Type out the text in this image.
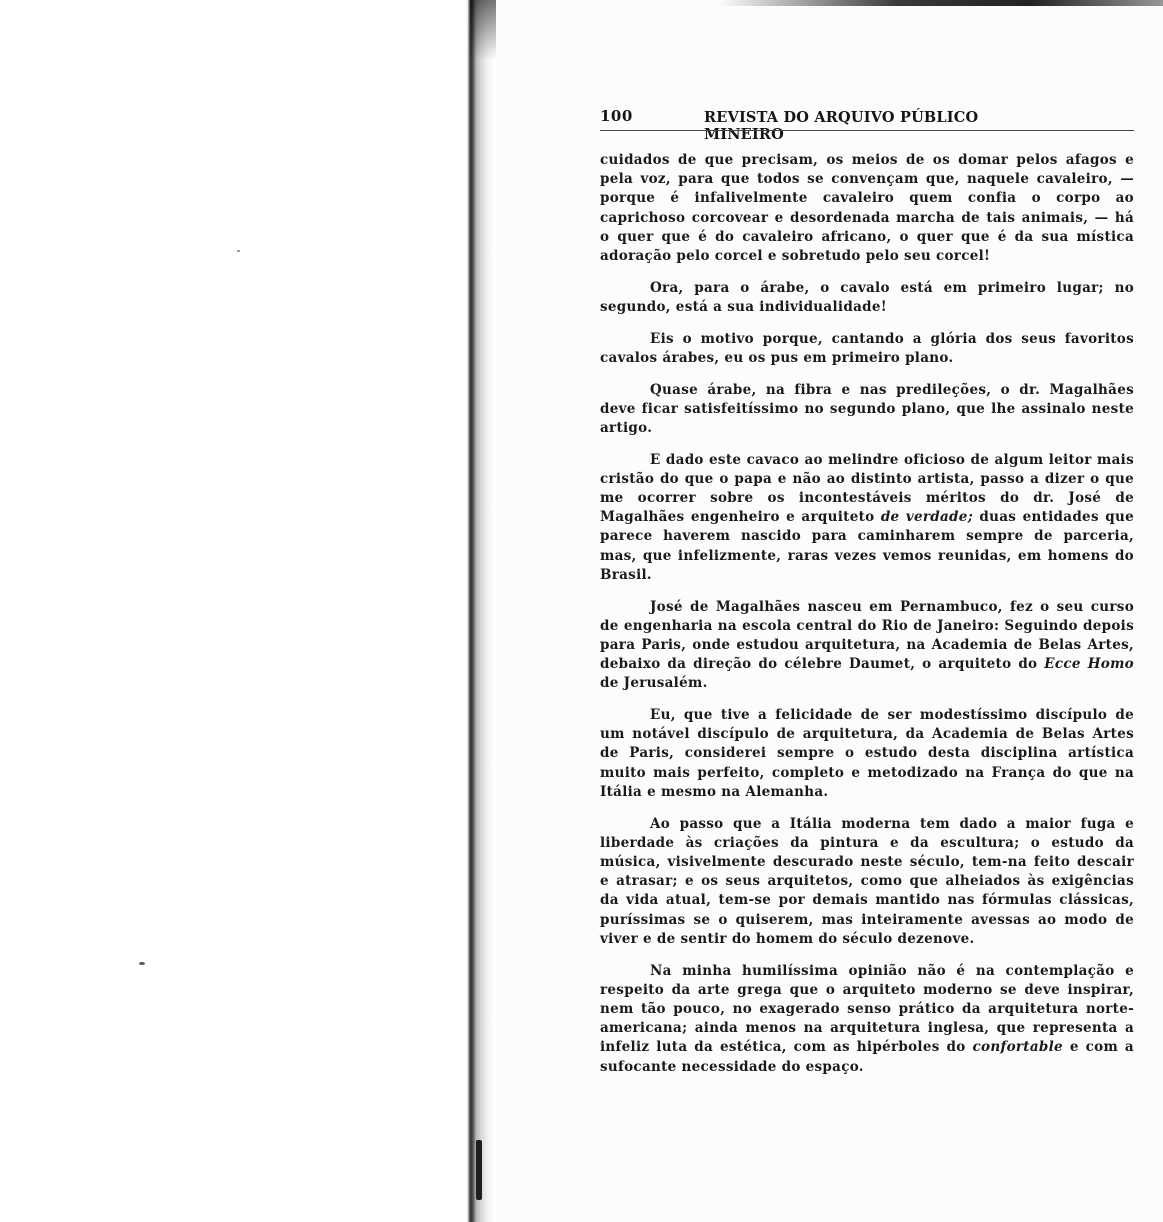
100	REVISTA DO ARQUIVO PÚBLICO MINEIRO

cuidados de que precisam, os meios de os domar pelos afagos e pela voz, para que todos se convençam que, naquele cavaleiro, — porque é infalivelmente cavaleiro quem confia o corpo ao caprichoso corcovear e desordenada marcha de tais animais, — há o quer que é do cavaleiro africano, o quer que é da sua mística adoração pelo corcel e sobretudo pelo seu corcel!

Ora, para o árabe, o cavalo está em primeiro lugar; no segundo, está a sua individualidade!

Eis o motivo porque, cantando a glória dos seus favoritos cavalos árabes, eu os pus em primeiro plano.

Quase árabe, na fibra e nas predileções, o dr. Magalhães deve ficar satisfeitíssimo no segundo plano, que lhe assinalo neste artigo.

E dado este cavaco ao melindre oficioso de algum leitor mais cristão do que o papa e não ao distinto artista, passo a dizer o que me ocorrer sobre os incontestáveis méritos do dr. José de Magalhães engenheiro e arquiteto de verdade; duas entidades que parece haverem nascido para caminharem sempre de parceria, mas, que infelizmente, raras vezes vemos reunidas, em homens do Brasil.

José de Magalhães nasceu em Pernambuco, fez o seu curso de engenharia na escola central do Rio de Janeiro: Seguindo depois para Paris, onde estudou arquitetura, na Academia de Belas Artes, debaixo da direção do célebre Daumet, o arquiteto do Ecce Homo de Jerusalém.

Eu, que tive a felicidade de ser modestíssimo discípulo de um notável discípulo de arquitetura, da Academia de Belas Artes de Paris, considerei sempre o estudo desta disciplina artística muito mais perfeito, completo e metodizado na França do que na Itália e mesmo na Alemanha.

Ao passo que a Itália moderna tem dado a maior fuga e liberdade às criações da pintura e da escultura; o estudo da música, visivelmente descurado neste século, tem-na feito descair e atrasar; e os seus arquitetos, como que alheiados às exigências da vida atual, tem-se por demais mantido nas fórmulas clássicas, puríssimas se o quiserem, mas inteiramente avessas ao modo de viver e de sentir do homem do século dezenove.

Na minha humilíssima opinião não é na contemplação e respeito da arte grega que o arquiteto moderno se deve inspirar, nem tão pouco, no exagerado senso prático da arquitetura norte-americana; ainda menos na arquitetura inglesa, que representa a infeliz luta da estética, com as hipérboles do confortable e com a sufocante necessidade do espaço.
